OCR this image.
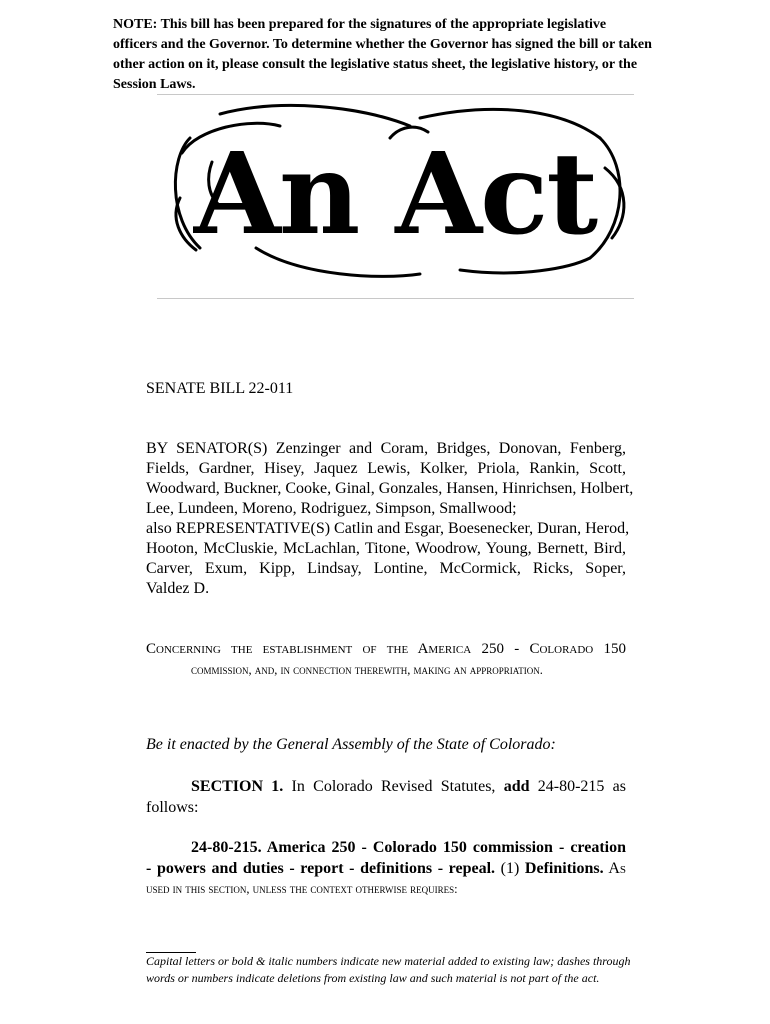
NOTE: This bill has been prepared for the signatures of the appropriate legislative officers and the Governor. To determine whether the Governor has signed the bill or taken other action on it, please consult the legislative status sheet, the legislative history, or the Session Laws.
An Act
SENATE BILL 22-011
BY SENATOR(S) Zenzinger and Coram, Bridges, Donovan, Fenberg,
Fields, Gardner, Hisey, Jaquez Lewis, Kolker, Priola, Rankin, Scott,
Woodward, Buckner, Cooke, Ginal, Gonzales, Hansen, Hinrichsen, Holbert,
Lee, Lundeen, Moreno, Rodriguez, Simpson, Smallwood;
also REPRESENTATIVE(S) Catlin and Esgar, Boesenecker, Duran, Herod,
Hooton, McCluskie, McLachlan, Titone, Woodrow, Young, Bernett, Bird,
Carver, Exum, Kipp, Lindsay, Lontine, McCormick, Ricks, Soper,
Valdez D.
Concerning the establishment of the America 250 - Colorado 150
commission, and, in connection therewith, making an appropriation.
Be it enacted by the General Assembly of the State of Colorado:
SECTION 1. In Colorado Revised Statutes, add 24-80-215 as
follows:
24-80-215. America 250 - Colorado 150 commission - creation
- powers and duties - report - definitions - repeal. (1) Definitions. As
used in this section, unless the context otherwise requires:
Capital letters or bold & italic numbers indicate new material added to existing law; dashes through words or numbers indicate deletions from existing law and such material is not part of the act.
